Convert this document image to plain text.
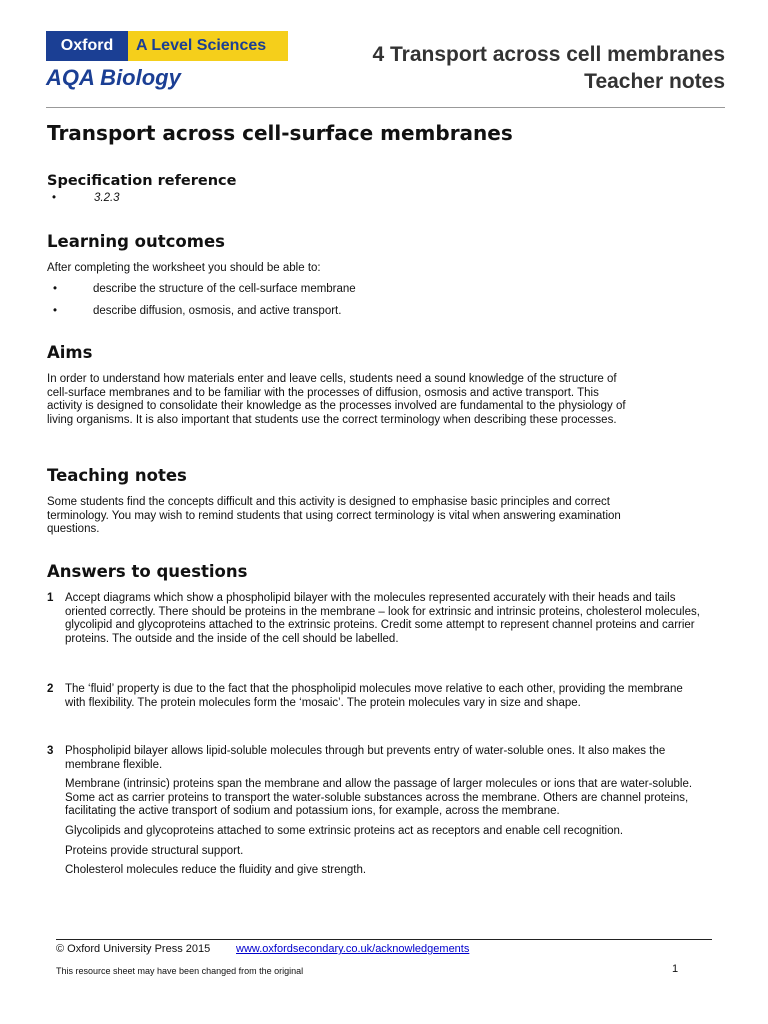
Oxford	A Level Sciences
AQA Biology
4 Transport across cell membranes
Teacher notes
Transport across cell-surface membranes
Specification reference
•	3.2.3
Learning outcomes

After completing the worksheet you should be able to:

•	describe the structure of the cell-surface membrane
•	describe diffusion, osmosis, and active transport.
Aims

In order to understand how materials enter and leave cells, students need a sound knowledge of the structure of cell-surface membranes and to be familiar with the processes of diffusion, osmosis and active transport. This activity is designed to consolidate their knowledge as the processes involved are fundamental to the physiology of living organisms. It is also important that students use the correct terminology when describing these processes.

Teaching notes

Some students find the concepts difficult and this activity is designed to emphasise basic principles and correct terminology. You may wish to remind students that using correct terminology is vital when answering examination questions.

Answers to questions
1 Accept diagrams which show a phospholipid bilayer with the molecules represented accurately with their heads and tails oriented correctly. There should be proteins in the membrane – look for extrinsic and intrinsic proteins, cholesterol molecules, glycolipid and glycoproteins attached to the extrinsic proteins. Credit some attempt to represent channel proteins and carrier proteins. The outside and the inside of the cell should be labelled.

2 The ‘fluid’ property is due to the fact that the phospholipid molecules move relative to each other, providing the membrane with flexibility. The protein molecules form the ‘mosaic’. The protein molecules vary in size and shape.

3 Phospholipid bilayer allows lipid-soluble molecules through but prevents entry of water-soluble ones. It also makes the membrane flexible.

Membrane (intrinsic) proteins span the membrane and allow the passage of larger molecules or ions that are water-soluble. Some act as carrier proteins to transport the water-soluble substances across the membrane. Others are channel proteins, facilitating the active transport of sodium and potassium ions, for example, across the membrane.

Glycolipids and glycoproteins attached to some extrinsic proteins act as receptors and enable cell recognition.

Proteins provide structural support.

Cholesterol molecules reduce the fluidity and give strength.

© Oxford University Press 2015 www.oxfordsecondary.co.uk/acknowledgements
This resource sheet may have been changed from the original	1
